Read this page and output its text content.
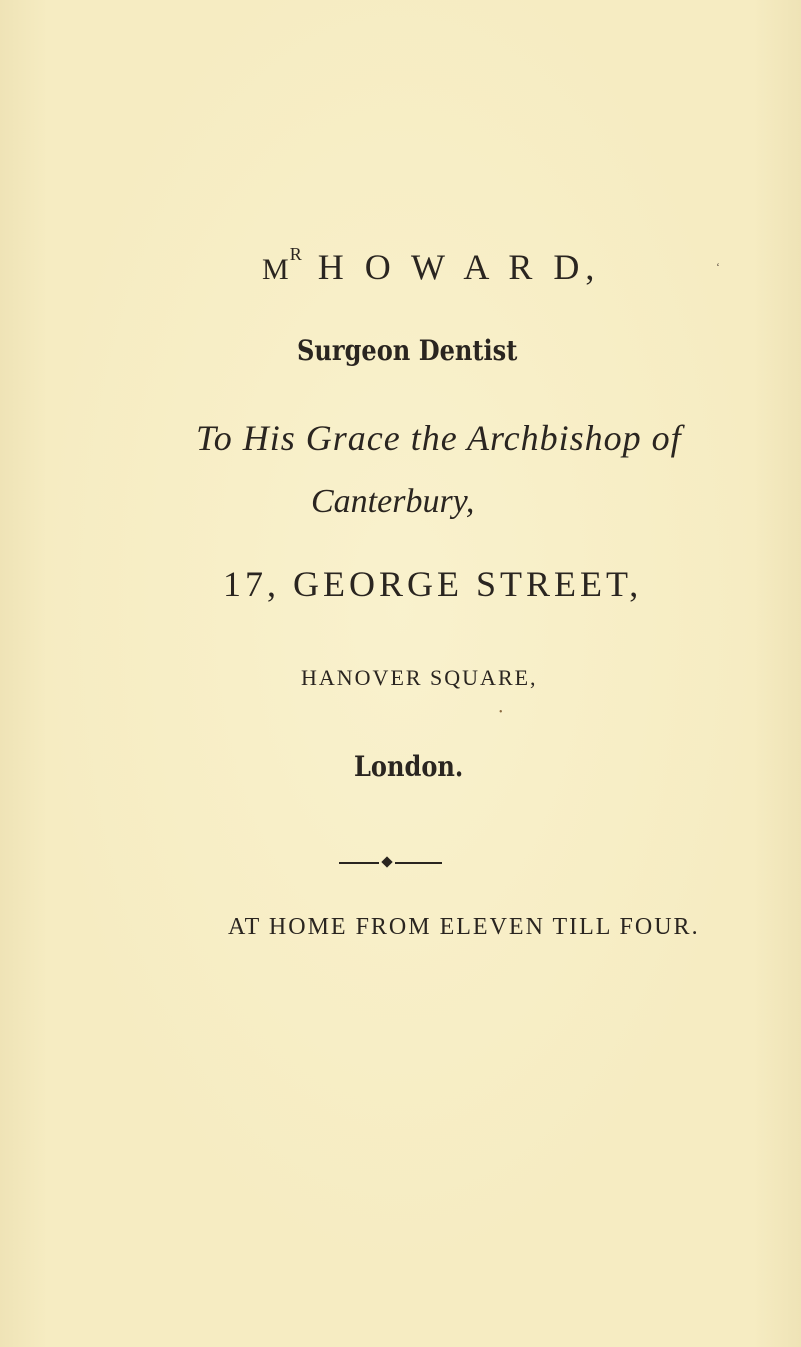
$M^R$ H O W A R D,	‘
Surgeon Dentist
To His Grace the Archbishop of
Canterbury,
17, GEORGE STREET,
HANOVER SQUARE,
•
London.
AT HOME FROM ELEVEN TILL FOUR.
